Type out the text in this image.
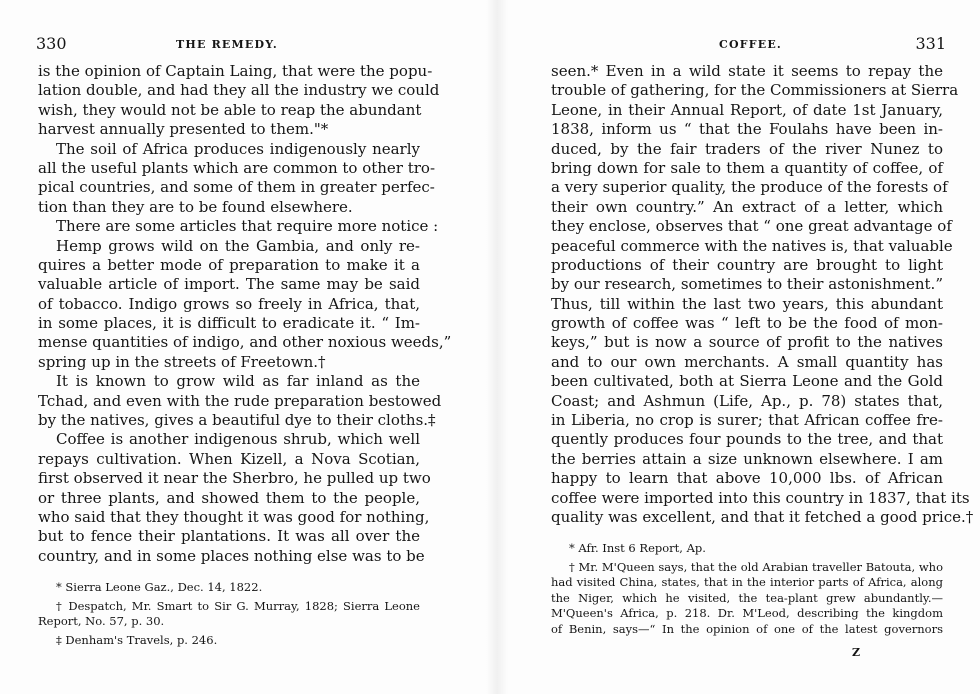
330	THE REMEDY.
is the opinion of Captain Laing, that were the popu-
lation double, and had they all the industry we could
wish, they would not be able to reap the abundant
harvest annually presented to them."*
The soil of Africa produces indigenously nearly
all the useful plants which are common to other tro-
pical countries, and some of them in greater perfec-
tion than they are to be found elsewhere.
There are some articles that require more notice :
Hemp grows wild on the Gambia, and only re-
quires a better mode of preparation to make it a
valuable article of import. The same may be said
of tobacco. Indigo grows so freely in Africa, that,
in some places, it is difficult to eradicate it. “ Im-
mense quantities of indigo, and other noxious weeds,”
spring up in the streets of Freetown.†
It is known to grow wild as far inland as the
Tchad, and even with the rude preparation bestowed
by the natives, gives a beautiful dye to their cloths.‡
Coffee is another indigenous shrub, which well
repays cultivation. When Kizell, a Nova Scotian,
first observed it near the Sherbro, he pulled up two
or three plants, and showed them to the people,
who said that they thought it was good for nothing,
but to fence their plantations. It was all over the
country, and in some places nothing else was to be
* Sierra Leone Gaz., Dec. 14, 1822.
† Despatch, Mr. Smart to Sir G. Murray, 1828; Sierra Leone
Report, No. 57, p. 30.
‡ Denham's Travels, p. 246.
COFFEE.	331
seen.* Even in a wild state it seems to repay the
trouble of gathering, for the Commissioners at Sierra
Leone, in their Annual Report, of date 1st January,
1838, inform us “ that the Foulahs have been in-
duced, by the fair traders of the river Nunez to
bring down for sale to them a quantity of coffee, of
a very superior quality, the produce of the forests of
their own country.” An extract of a letter, which
they enclose, observes that “ one great advantage of
peaceful commerce with the natives is, that valuable
productions of their country are brought to light
by our research, sometimes to their astonishment.”
Thus, till within the last two years, this abundant
growth of coffee was “ left to be the food of mon-
keys,” but is now a source of profit to the natives
and to our own merchants. A small quantity has
been cultivated, both at Sierra Leone and the Gold
Coast; and Ashmun (Life, Ap., p. 78) states that,
in Liberia, no crop is surer; that African coffee fre-
quently produces four pounds to the tree, and that
the berries attain a size unknown elsewhere. I am
happy to learn that above 10,000 lbs. of African
coffee were imported into this country in 1837, that its
quality was excellent, and that it fetched a good price.†
* Afr. Inst 6 Report, Ap.
† Mr. M'Queen says, that the old Arabian traveller Batouta, who
had visited China, states, that in the interior parts of Africa, along
the Niger, which he visited, the tea-plant grew abundantly.—
M'Queen's Africa, p. 218. Dr. M'Leod, describing the kingdom
of Benin, says—“ In the opinion of one of the latest governors
Z
